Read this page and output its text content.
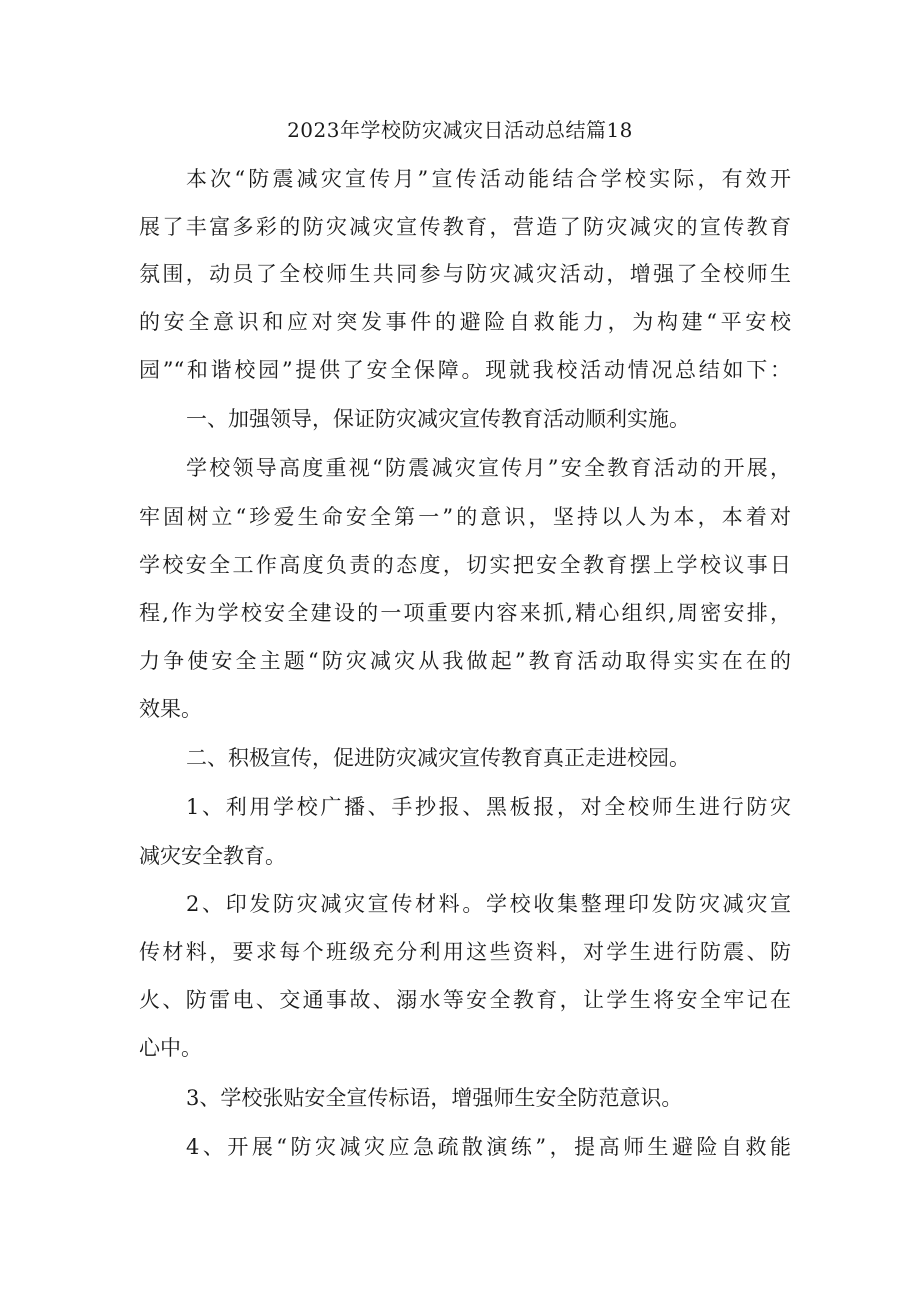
2023年学校防灾减灾日活动总结篇18
本次“防震减灾宣传月”宣传活动能结合学校实际，有效开
展了丰富多彩的防灾减灾宣传教育，营造了防灾减灾的宣传教育
氛围，动员了全校师生共同参与防灾减灾活动，增强了全校师生
的安全意识和应对突发事件的避险自救能力，为构建“平安校
园”“和谐校园”提供了安全保障。现就我校活动情况总结如下：
一、加强领导，保证防灾减灾宣传教育活动顺利实施。
学校领导高度重视“防震减灾宣传月”安全教育活动的开展，
牢固树立“珍爱生命安全第一”的意识，坚持以人为本，本着对
学校安全工作高度负责的态度，切实把安全教育摆上学校议事日
程,作为学校安全建设的一项重要内容来抓,精心组织,周密安排，
力争使安全主题“防灾减灾从我做起”教育活动取得实实在在的
效果。
二、积极宣传，促进防灾减灾宣传教育真正走进校园。
1、利用学校广播、手抄报、黑板报，对全校师生进行防灾
减灾安全教育。
2、印发防灾减灾宣传材料。学校收集整理印发防灾减灾宣
传材料，要求每个班级充分利用这些资料，对学生进行防震、防
火、防雷电、交通事故、溺水等安全教育，让学生将安全牢记在
心中。
3、学校张贴安全宣传标语，增强师生安全防范意识。
4、开展“防灾减灾应急疏散演练”，提高师生避险自救能
